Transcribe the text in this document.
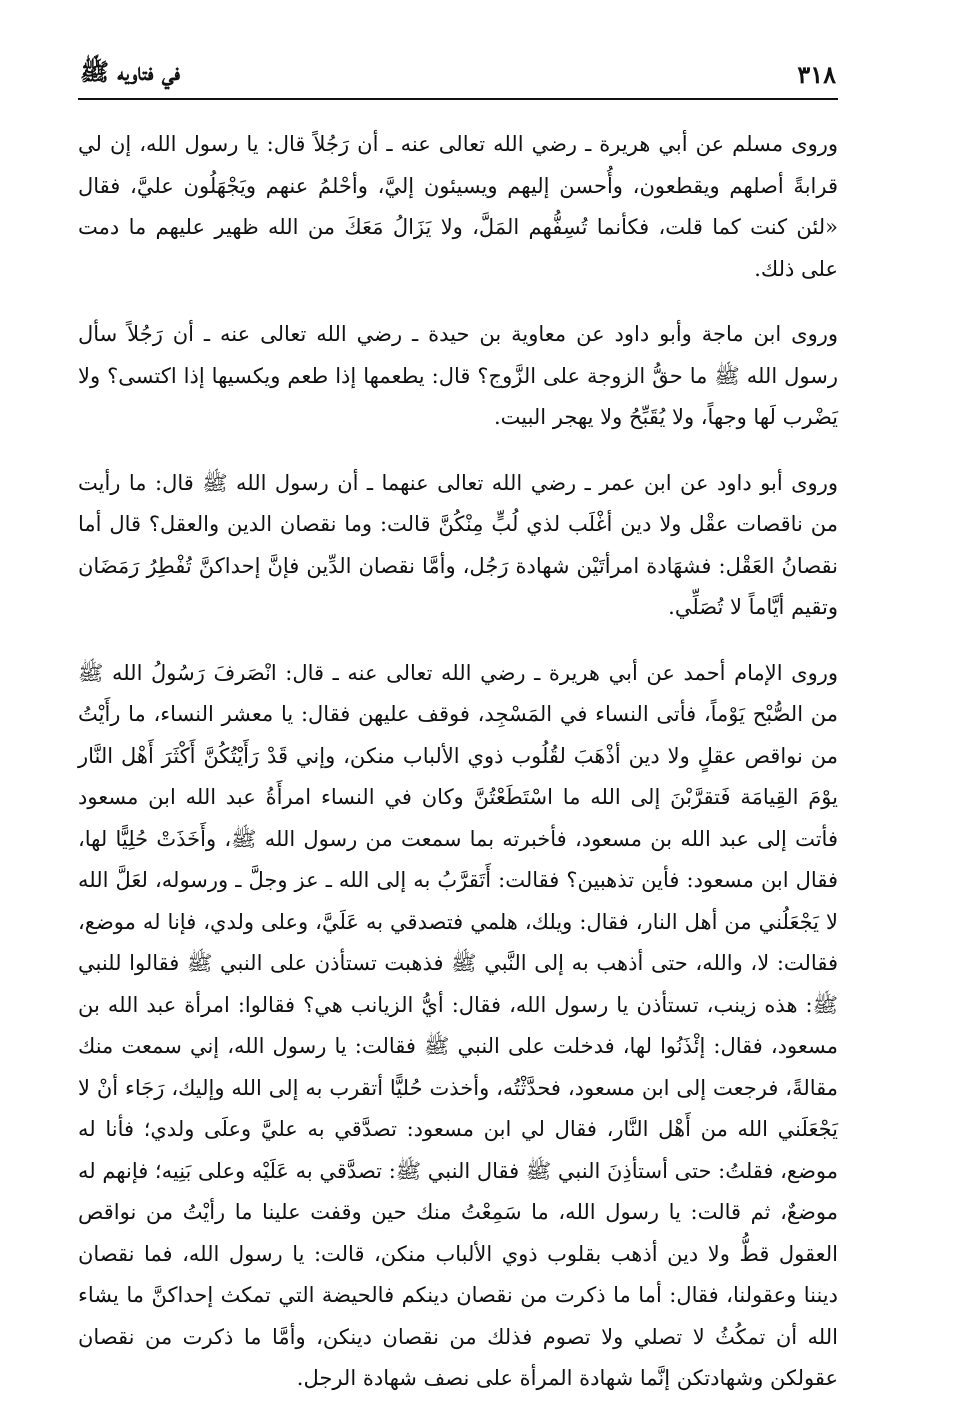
٣١٨
في فتاويه ﷺ

وروى مسلم عن أبي هريرة ـ رضي الله تعالى عنه ـ أن رَجُلاً قال: يا رسول الله، إن لي قرابةً أصلهم ويقطعون، وأُحسن إليهم ويسيئون إليَّ، وأحْلمُ عنهم ويَجْهَلُون عليَّ، فقال «لئن كنت كما قلت، فكأنما تُسِفُّهم المَلَّ، ولا يَزَالُ مَعَكَ من الله ظهير عليهم ما دمت على ذلك.

وروى ابن ماجة وأبو داود عن معاوية بن حيدة ـ رضي الله تعالى عنه ـ أن رَجُلاً سأل رسول الله ﷺ ما حقُّ الزوجة على الزَّوج؟ قال: يطعمها إذا طعم ويكسيها إذا اكتسى؟ ولا يَضْرب لَها وجهاً، ولا يُقَبِّحُ ولا يهجر البيت.

وروى أبو داود عن ابن عمر ـ رضي الله تعالى عنهما ـ أن رسول الله ﷺ قال: ما رأيت من ناقصات عقْل ولا دين أغْلَب لذي لُبٍّ مِنْكُنَّ قالت: وما نقصان الدين والعقل؟ قال أما نقصانُ العَقْل: فشهَادة امرأتَيْن شهادة رَجُل، وأمَّا نقصان الدِّين فإنَّ إحداكنَّ تُفْطِرُ رَمَضَان وتقيم أيَّاماً لا تُصَلِّي.

وروى الإمام أحمد عن أبي هريرة ـ رضي الله تعالى عنه ـ قال: انْصَرفَ رَسُولُ الله ﷺ من الصُّبْح يَوْماً، فأتى النساء في المَسْجِد، فوقف عليهن فقال: يا معشر النساء، ما رأَيْتُ من نواقص عقلٍ ولا دين أذْهَبَ لقُلُوب ذوي الألباب منكن، وإني قَدْ رَأَيْتُكُنَّ أَكْثَرَ أَهْل النَّار يوْمَ القِيامَة فَتقرَّبْنَ إلى الله ما اسْتَطَعْتُنَّ وكان في النساء امرأَةُ عبد الله ابن مسعود فأتت إلى عبد الله بن مسعود، فأخبرته بما سمعت من رسول الله ﷺ، وأَخَذَتْ حُلِيًّا لها، فقال ابن مسعود: فأين تذهبين؟ فقالت: أَتَقرَّبُ به إلى الله ـ عز وجلَّ ـ ورسوله، لعَلَّ الله لا يَجْعَلُني من أهل النار، فقال: ويلك، هلمي فتصدقي به عَلَيَّ، وعلى ولدي، فإنا له موضع، فقالت: لا، والله، حتى أذهب به إلى النَّبي ﷺ فذهبت تستأذن على النبي ﷺ فقالوا للنبي ﷺ: هذه زينب، تستأذن يا رسول الله، فقال: أيُّ الزيانب هي؟ فقالوا: امرأة عبد الله بن مسعود، فقال: إئْذَنُوا لها، فدخلت على النبي ﷺ فقالت: يا رسول الله، إني سمعت منك مقالةً، فرجعت إلى ابن مسعود، فحدَّثْتُه، وأخذت حُليًّا أتقرب به إلى الله وإليك، رَجَاء أنْ لا يَجْعَلَني الله من أَهْل النَّار، فقال لي ابن مسعود: تصدَّقي به عليَّ وعلَى ولدي؛ فأنا له موضع، فقلتُ: حتى أستأذِنَ النبي ﷺ فقال النبي ﷺ: تصدَّقي به عَلَيْه وعلى بَنِيه؛ فإنهم له موضعٌ، ثم قالت: يا رسول الله، ما سَمِعْتُ منك حين وقفت علينا ما رأيْتُ من نواقص العقول قطُّ ولا دين أذهب بقلوب ذوي الألباب منكن، قالت: يا رسول الله، فما نقصان ديننا وعقولنا، فقال: أما ما ذكرت من نقصان دينكم فالحيضة التي تمكث إحداكنَّ ما يشاء الله أن تمكُثُ لا تصلي ولا تصوم فذلك من نقصان دينكن، وأمَّا ما ذكرت من نقصان عقولكن وشهادتكن إنَّما شهادة المرأة على نصف شهادة الرجل.
